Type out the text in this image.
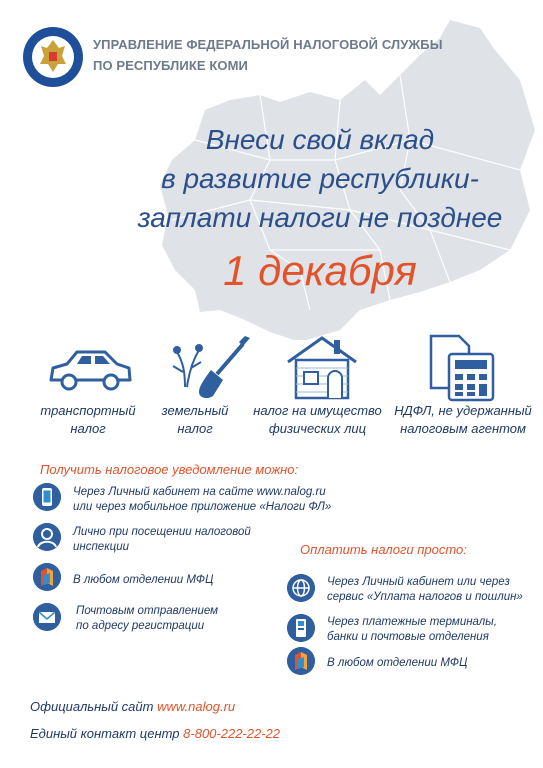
УПРАВЛЕНИЕ ФЕДЕРАЛЬНОЙ НАЛОГОВОЙ СЛУЖБЫ
ПО РЕСПУБЛИКЕ КОМИ
Внеси свой вклад
в развитие республики-
заплати налоги не позднее
1 декабря
транспортный
налог
земельный
налог
налог на имущество
физических лиц
НДФЛ, не удержанный
налоговым агентом
Получить налоговое уведомление можно:
Через Личный кабинет на сайте www.nalog.ru
или через мобильное приложение «Налоги ФЛ»
Лично при посещении налоговой
инспекции
В любом отделении МФЦ
Почтовым отправлением
по адресу регистрации
Оплатить налоги просто:
Через Личный кабинет или через
сервис «Уплата налогов и пошлин»
Через платежные терминалы,
банки и почтовые отделения
В любом отделении МФЦ
Официальный сайт www.nalog.ru
Единый контакт центр 8-800-222-22-22
